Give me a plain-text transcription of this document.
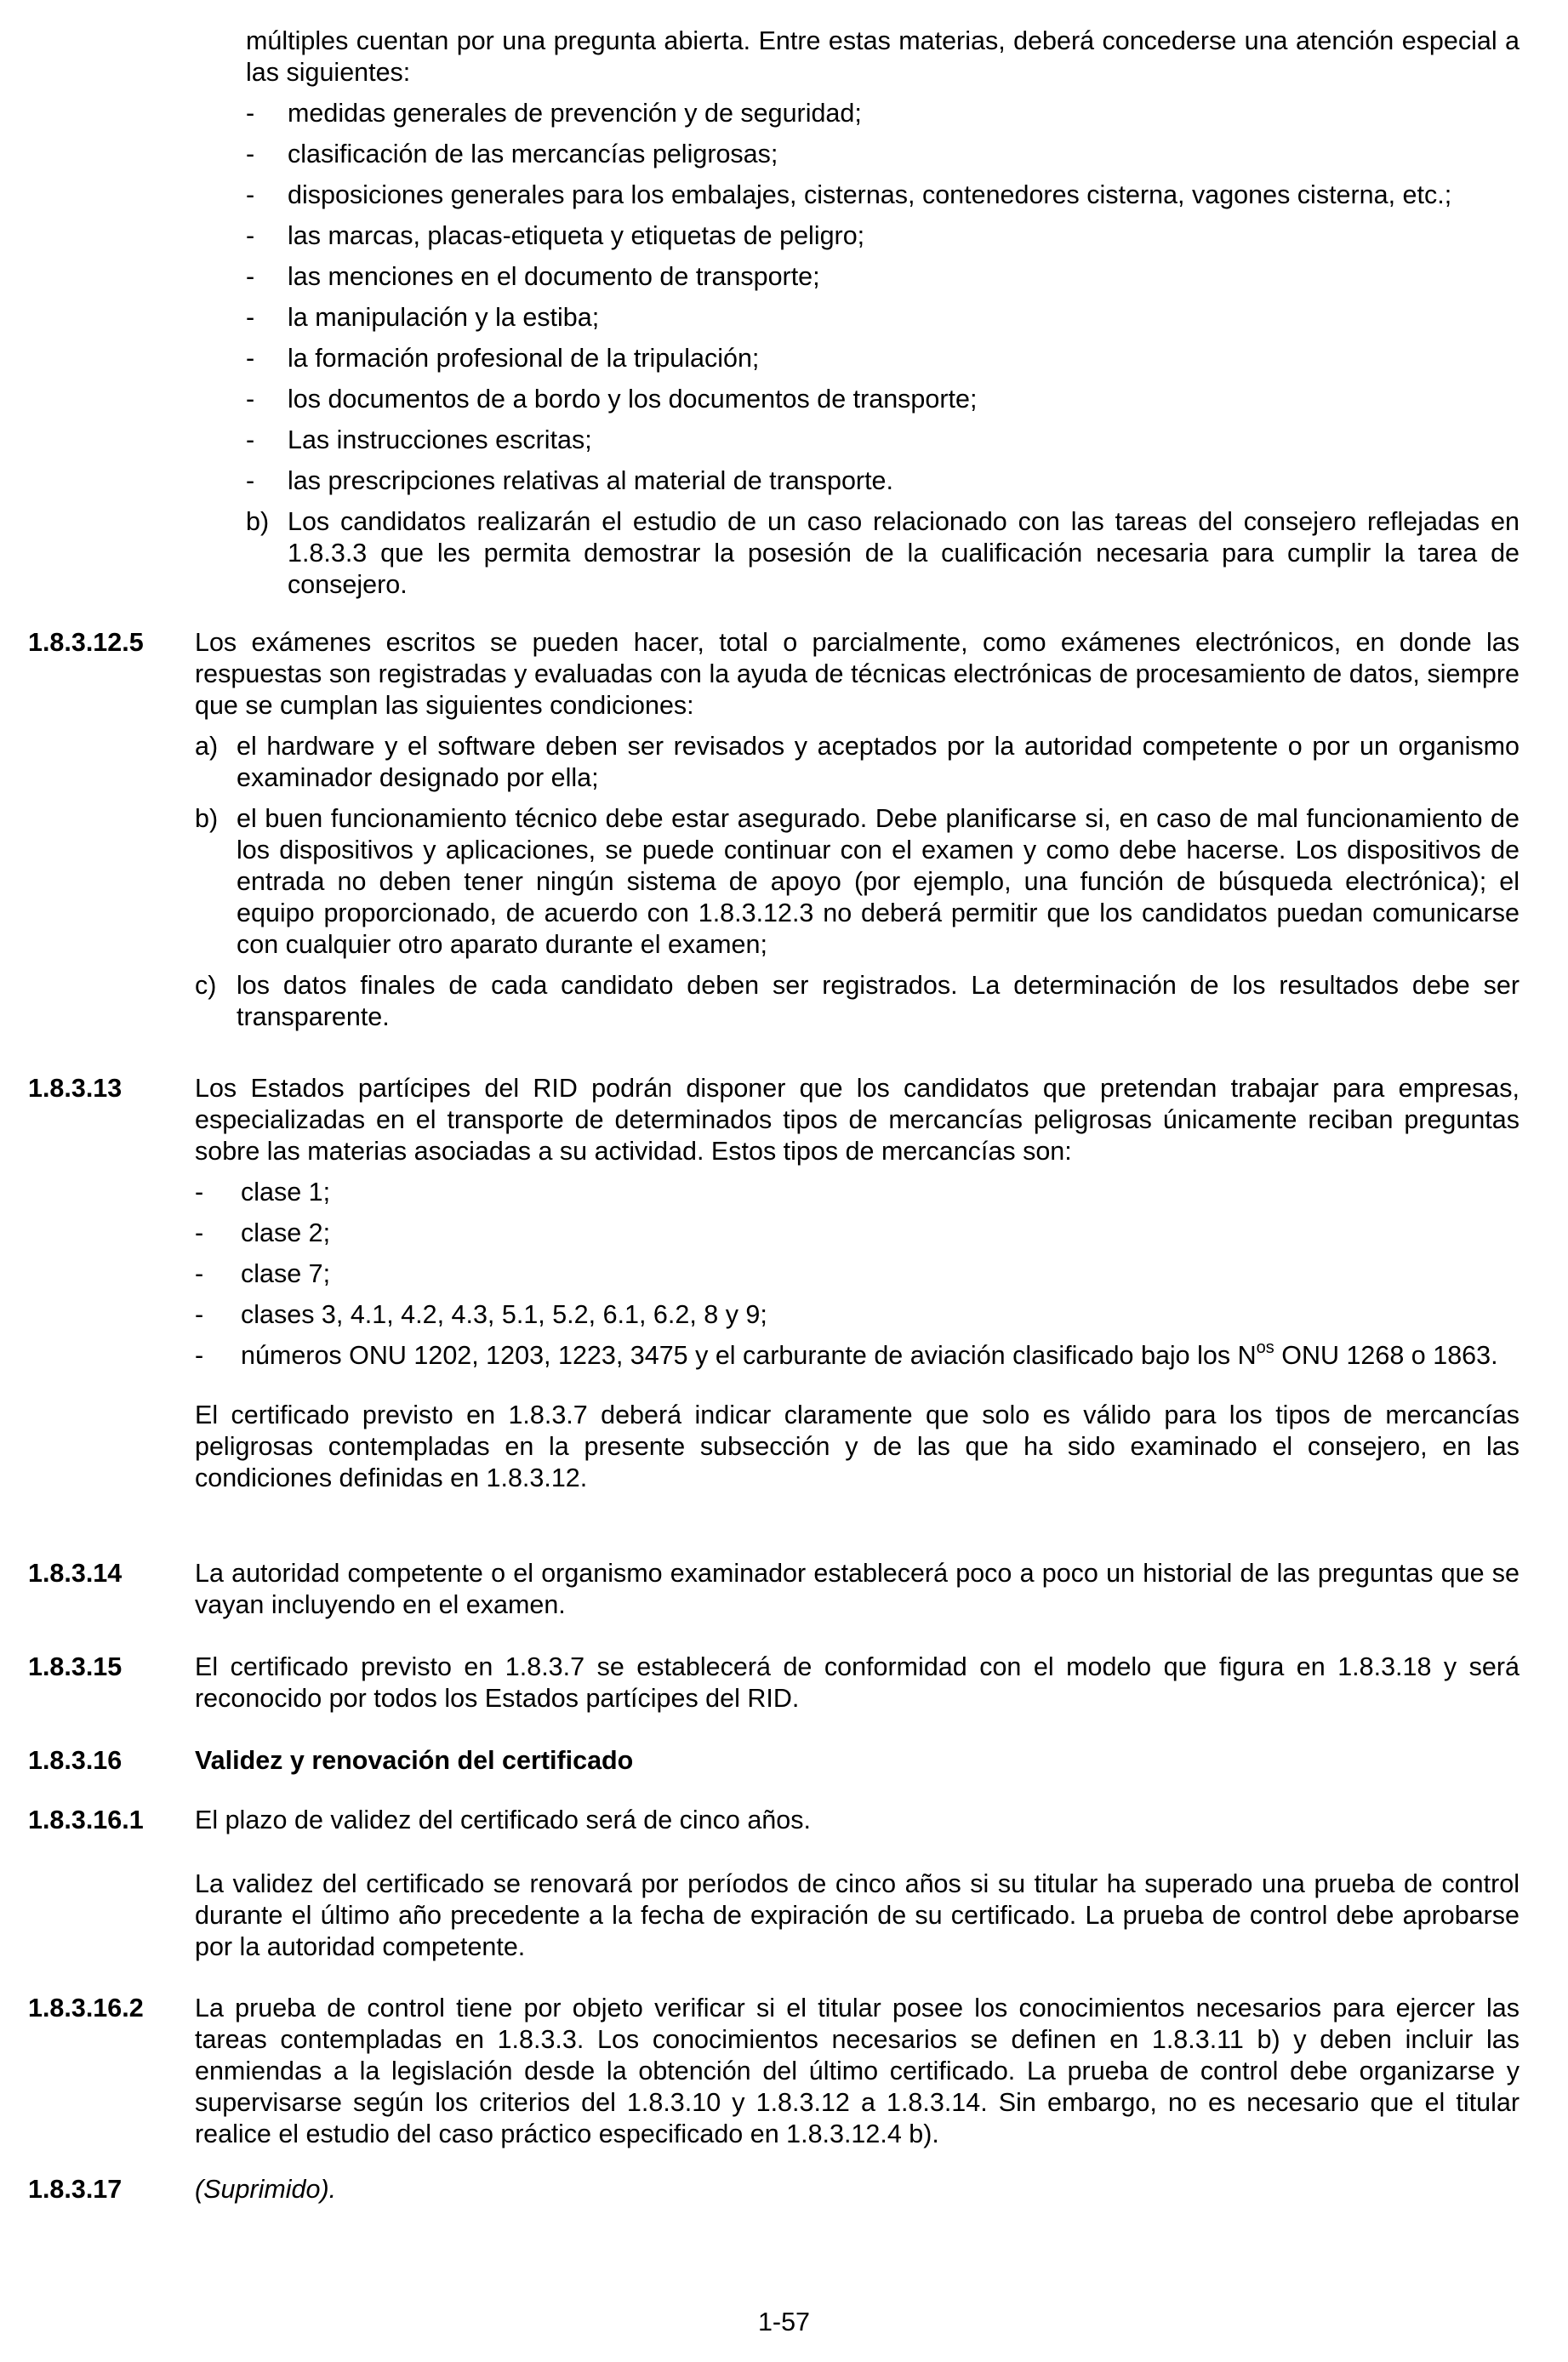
múltiples cuentan por una pregunta abierta. Entre estas materias, deberá concederse una atención especial a las siguientes:
- medidas generales de prevención y de seguridad;
- clasificación de las mercancías peligrosas;
- disposiciones generales para los embalajes, cisternas, contenedores cisterna, vagones cisterna, etc.;
- las marcas, placas-etiqueta y etiquetas de peligro;
- las menciones en el documento de transporte;
- la manipulación y la estiba;
- la formación profesional de la tripulación;
- los documentos de a bordo y los documentos de transporte;
- Las instrucciones escritas;
- las prescripciones relativas al material de transporte.
b) Los candidatos realizarán el estudio de un caso relacionado con las tareas del consejero reflejadas en 1.8.3.3 que les permita demostrar la posesión de la cualificación necesaria para cumplir la tarea de consejero.
1.8.3.12.5 Los exámenes escritos se pueden hacer, total o parcialmente, como exámenes electrónicos, en donde las respuestas son registradas y evaluadas con la ayuda de técnicas electrónicas de procesamiento de datos, siempre que se cumplan las siguientes condiciones:

a) el hardware y el software deben ser revisados y aceptados por la autoridad competente o por un organismo examinador designado por ella;
b) el buen funcionamiento técnico debe estar asegurado. Debe planificarse si, en caso de mal funcionamiento de los dispositivos y aplicaciones, se puede continuar con el examen y como debe hacerse. Los dispositivos de entrada no deben tener ningún sistema de apoyo (por ejemplo, una función de búsqueda electrónica); el equipo proporcionado, de acuerdo con 1.8.3.12.3 no deberá permitir que los candidatos puedan comunicarse con cualquier otro aparato durante el examen;
c) los datos finales de cada candidato deben ser registrados. La determinación de los resultados debe ser transparente.
1.8.3.13	Los Estados partícipes del RID podrán disponer que los candidatos que pretendan trabajar para empresas, especializadas en el transporte de determinados tipos de mercancías peligrosas únicamente reciban preguntas sobre las materias asociadas a su actividad. Estos tipos de mercancías son:

- clase 1;
- clase 2;
- clase 7;
- clases 3, 4.1, 4.2, 4.3, 5.1, 5.2, 6.1, 6.2, 8 y 9;
- números ONU 1202, 1203, 1223, 3475 y el carburante de aviación clasificado bajo los $N^{os}$ ONU 1268 o 1863.

El certificado previsto en 1.8.3.7 deberá indicar claramente que solo es válido para los tipos de mercancías peligrosas contempladas en la presente subsección y de las que ha sido examinado el consejero, en las condiciones definidas en 1.8.3.12.

1.8.3.14	La autoridad competente o el organismo examinador establecerá poco a poco un historial de las preguntas que se vayan incluyendo en el examen.

1.8.3.15	El certificado previsto en 1.8.3.7 se establecerá de conformidad con el modelo que figura en 1.8.3.18 y será reconocido por todos los Estados partícipes del RID.

1.8.3.16	Validez y renovación del certificado

1.8.3.16.1 El plazo de validez del certificado será de cinco años.

La validez del certificado se renovará por períodos de cinco años si su titular ha superado una prueba de control durante el último año precedente a la fecha de expiración de su certificado. La prueba de control debe aprobarse por la autoridad competente.

1.8.3.16.2 La prueba de control tiene por objeto verificar si el titular posee los conocimientos necesarios para ejercer las tareas contempladas en 1.8.3.3. Los conocimientos necesarios se definen en 1.8.3.11 b) y deben incluir las enmiendas a la legislación desde la obtención del último certificado. La prueba de control debe organizarse y supervisarse según los criterios del 1.8.3.10 y 1.8.3.12 a 1.8.3.14. Sin embargo, no es necesario que el titular realice el estudio del caso práctico especificado en 1.8.3.12.4 b).

1.8.3.17	(Suprimido).

1-57
